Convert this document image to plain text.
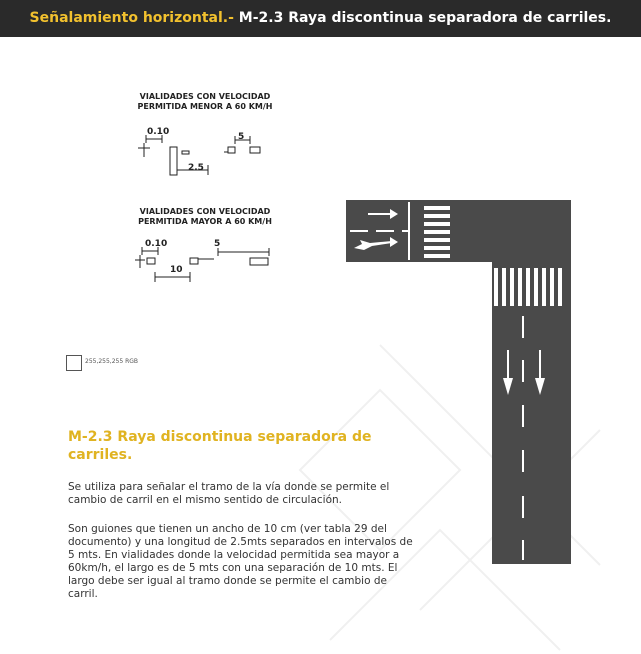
Señalamiento horizontal.- M-2.3 Raya discontinua separadora de carriles.
VIALIDADES CON VELOCIDAD
PERMITIDA MENOR A 60 KM/H
0.10	5
2.5
VIALIDADES CON VELOCIDAD
PERMITIDA MAYOR A 60 KM/H
0.10	5
10
255,255,255 RGB
M-2.3 Raya discontinua separadora de carriles.
Se utiliza para señalar el tramo de la vía donde se permite el cambio de carril en el mismo sentido de circulación.
Son guiones que tienen un ancho de 10 cm (ver tabla 29 del documento) y una longitud de 2.5mts separados en intervalos de 5 mts. En vialidades donde la velocidad permitida sea mayor a 60km/h, el largo es de 5 mts con una separación de 10 mts. El largo debe ser igual al tramo donde se permite el cambio de carril.
